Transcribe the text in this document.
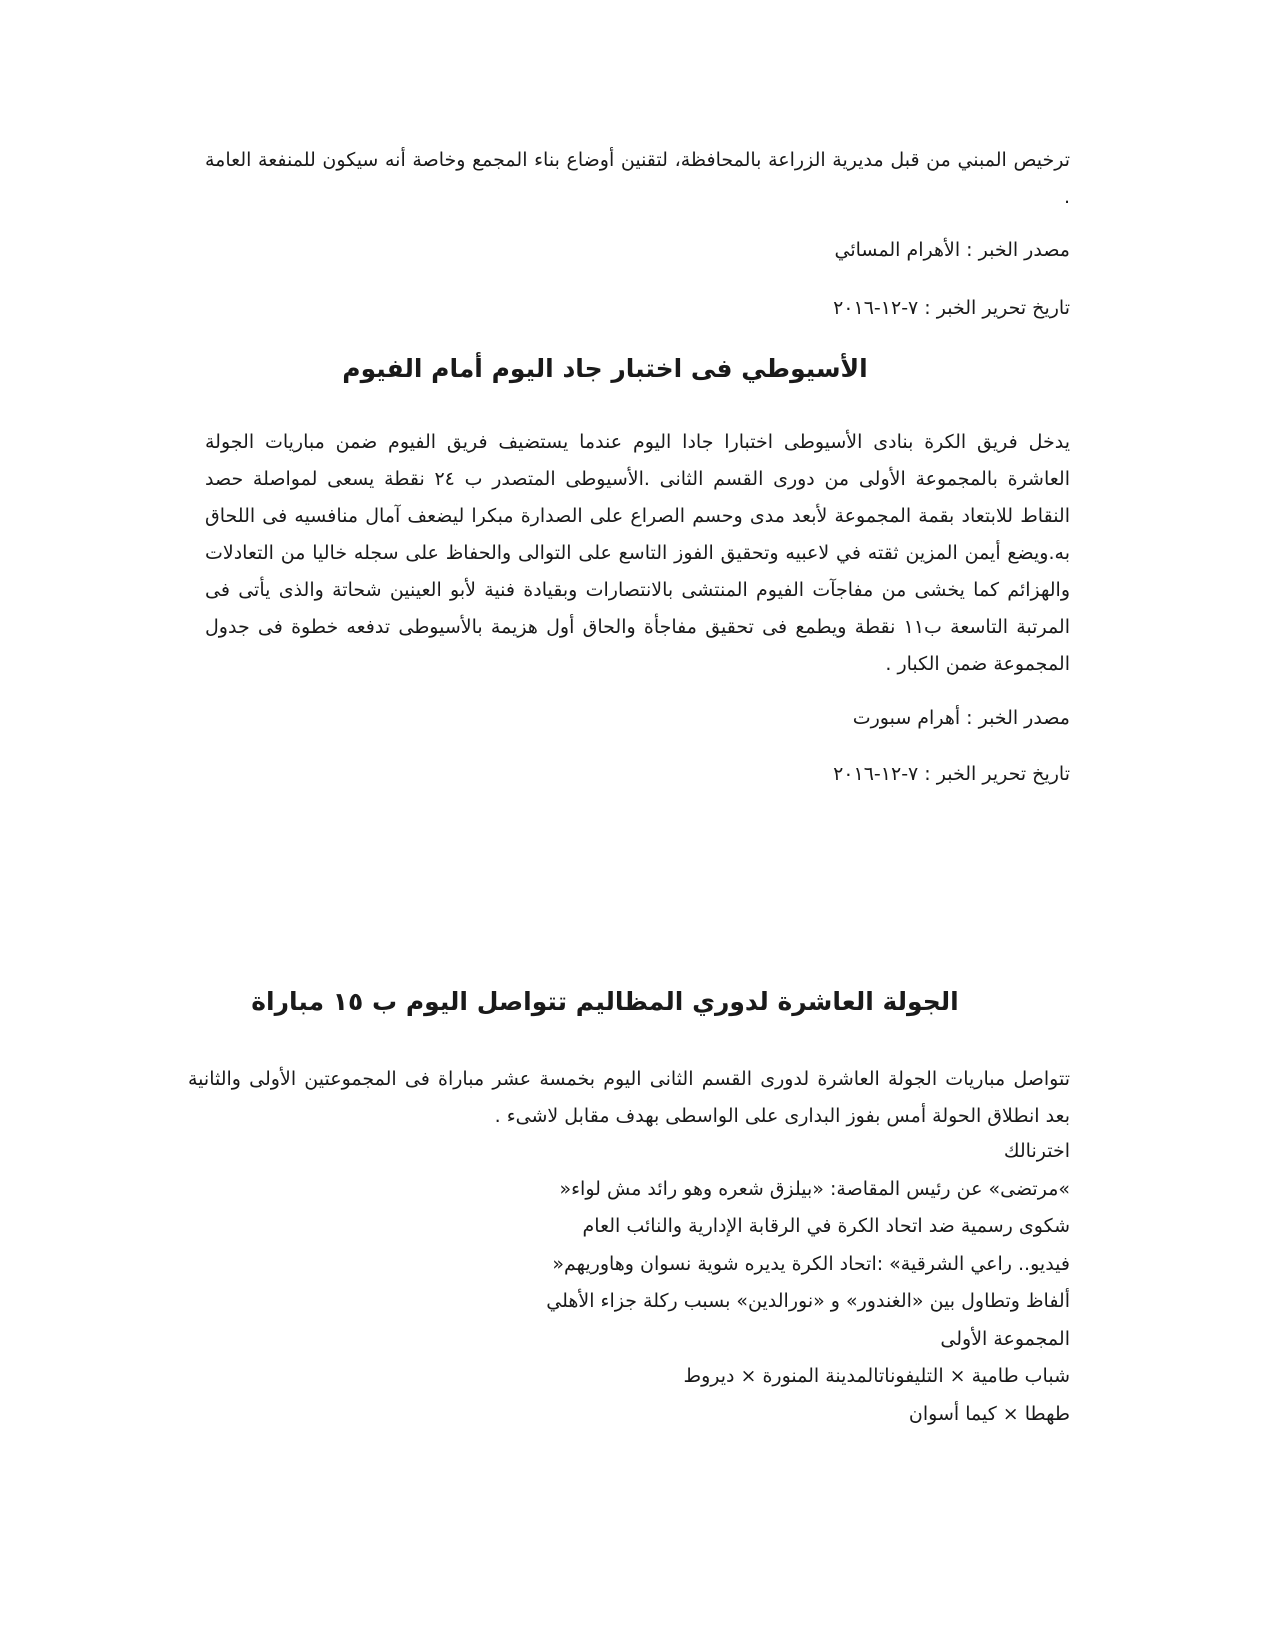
ترخيص المبني من قبل مديرية الزراعة بالمحافظة، لتقنين أوضاع بناء المجمع وخاصة أنه سيكون للمنفعة العامة .

مصدر الخبر : الأهرام المسائي

تاريخ تحرير الخبر : ٧-١٢-٢٠١٦

الأسيوطي فى اختبار جاد اليوم أمام الفيوم

يدخل فريق الكرة بنادى الأسيوطى اختبارا جادا اليوم عندما يستضيف فريق الفيوم ضمن مباريات الجولة العاشرة بالمجموعة الأولى من دورى القسم الثانى .الأسيوطى المتصدر ب ٢٤ نقطة يسعى لمواصلة حصد النقاط للابتعاد بقمة المجموعة لأبعد مدى وحسم الصراع على الصدارة مبكرا ليضعف آمال منافسيه فى اللحاق به.ويضع أيمن المزين ثقته في لاعبيه وتحقيق الفوز التاسع على التوالى والحفاظ على سجله خاليا من التعادلات والهزائم كما يخشى من مفاجآت الفيوم المنتشى بالانتصارات وبقيادة فنية لأبو العينين شحاتة والذى يأتى فى المرتبة التاسعة ب١١ نقطة ويطمع فى تحقيق مفاجأة والحاق أول هزيمة بالأسيوطى تدفعه خطوة فى جدول المجموعة ضمن الكبار .

مصدر الخبر : أهرام سبورت

تاريخ تحرير الخبر : ٧-١٢-٢٠١٦

الجولة العاشرة لدوري المظاليم تتواصل اليوم ب ١٥ مباراة

تتواصل مباريات الجولة العاشرة لدورى القسم الثانى اليوم بخمسة عشر مباراة فى المجموعتين الأولى والثانية بعد انطلاق الحولة أمس بفوز البدارى على الواسطى بهدف مقابل لاشىء .

اخترنالك

»مرتضى» عن رئيس المقاصة: «بيلزق شعره وهو رائد مش لواء«

شكوى رسمية ضد اتحاد الكرة في الرقابة الإدارية والنائب العام

فيديو.. راعي الشرقية» :اتحاد الكرة يديره شوية نسوان وهاوريهم«

ألفاظ وتطاول بين «الغندور» و «نورالدين» بسبب ركلة جزاء الأهلي

المجموعة الأولى

شباب طامية × التليفوناتالمدينة المنورة × ديروط

طهطا × كيما أسوان
